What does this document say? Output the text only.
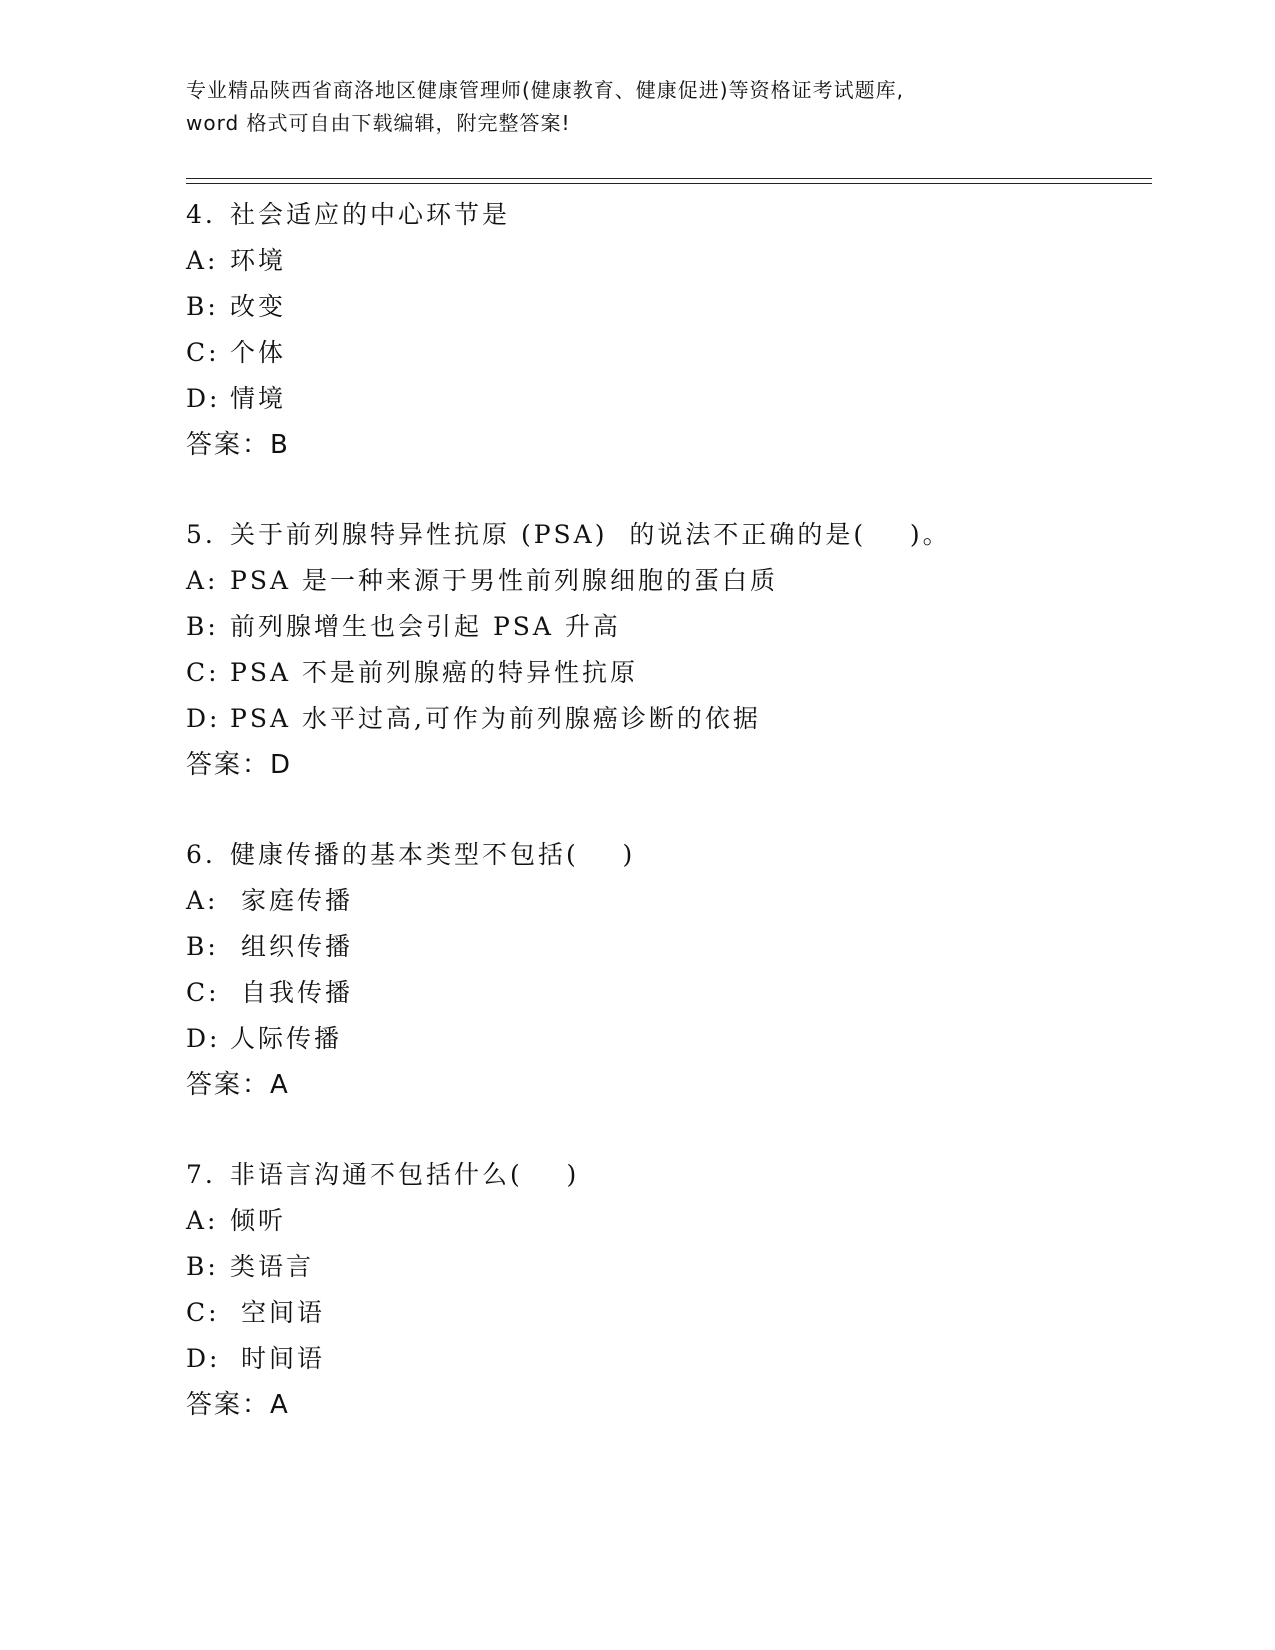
专业精品陕西省商洛地区健康管理师(健康教育、健康促进)等资格证考试题库,
word 格式可自由下载编辑，附完整答案!
4. 社会适应的中心环节是
A: 环境
B: 改变
C: 个体
D: 情境
答案：B
5. 关于前列腺特异性抗原 (PSA)  的说法不正确的是(    )。
A: PSA 是一种来源于男性前列腺细胞的蛋白质
B: 前列腺增生也会引起 PSA 升高
C: PSA 不是前列腺癌的特异性抗原
D: PSA 水平过高,可作为前列腺癌诊断的依据
答案：D
6. 健康传播的基本类型不包括(    )
A: 家庭传播
B: 组织传播
C: 自我传播
D: 人际传播
答案：A
7. 非语言沟通不包括什么(    )
A: 倾听
B: 类语言
C: 空间语
D: 时间语
答案：A
